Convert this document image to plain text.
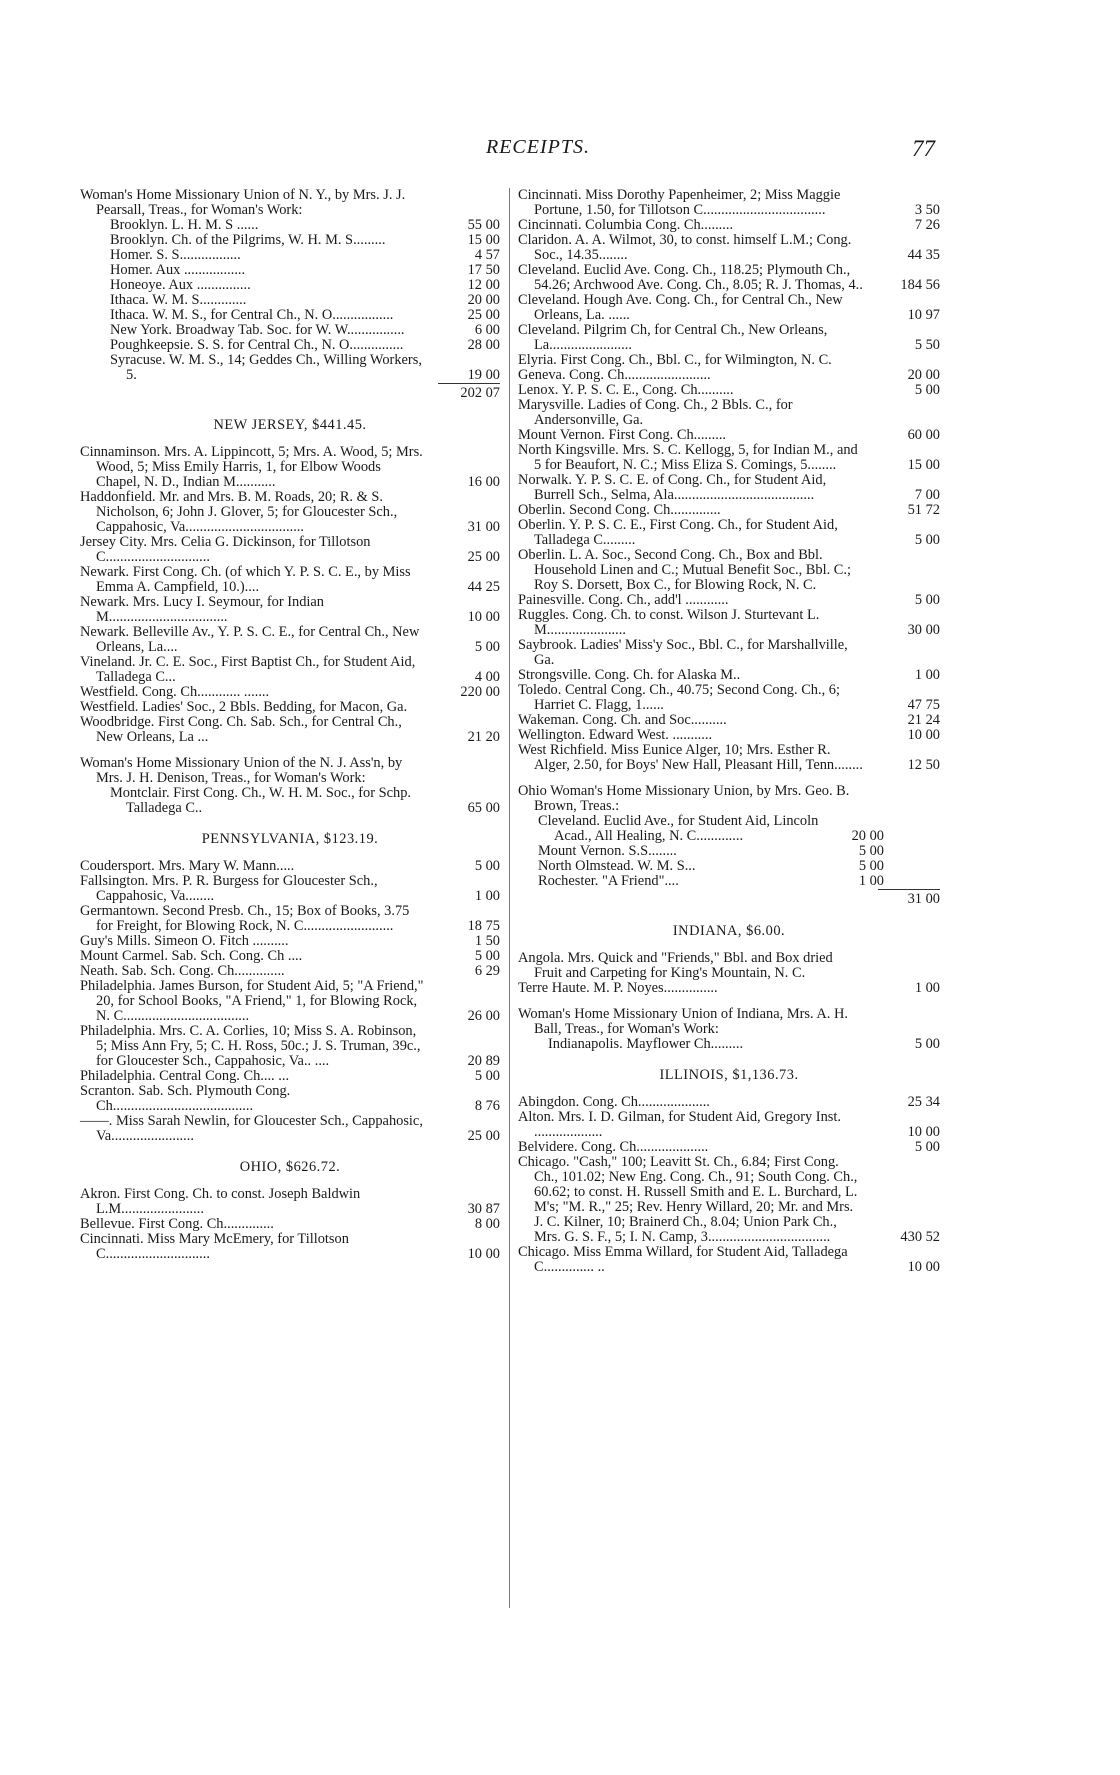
RECEIPTS.	77
Woman's Home Missionary Union of N. Y., by Mrs. J. J. Pearsall, Treas., for Woman's Work:
Brooklyn. L. H. M. S ......	55 00
Brooklyn. Ch. of the Pilgrims, W. H. M. S.........	15 00
Homer. S. S.................	4 57
Homer. Aux .................	17 50
Honeoye. Aux ...............	12 00
Ithaca. W. M. S.............	20 00
Ithaca. W. M. S., for Central Ch., N. O.................	25 00
New York. Broadway Tab. Soc. for W. W................	6 00
Poughkeepsie. S. S. for Central Ch., N. O...............	28 00
Syracuse. W. M. S., 14; Geddes Ch., Willing Workers, 5.	19 00
202 07
NEW JERSEY, $441.45.
Cinnaminson. Mrs. A. Lippincott, 5; Mrs. A. Wood, 5; Mrs. Wood, 5; Miss Emily Harris, 1, for Elbow Woods Chapel, N. D., Indian M...........	16 00
Haddonfield. Mr. and Mrs. B. M. Roads, 20; R. & S. Nicholson, 6; John J. Glover, 5; for Gloucester Sch., Cappahosic, Va.................................	31 00
Jersey City. Mrs. Celia G. Dickinson, for Tillotson C.............................	25 00
Newark. First Cong. Ch. (of which Y. P. S. C. E., by Miss Emma A. Campfield, 10.)....	44 25
Newark. Mrs. Lucy I. Seymour, for Indian M.................................	10 00
Newark. Belleville Av., Y. P. S. C. E., for Central Ch., New Orleans, La....	5 00
Vineland. Jr. C. E. Soc., First Baptist Ch., for Student Aid, Talladega C...	4 00
Westfield. Cong. Ch............ .......	220 00
Westfield. Ladies' Soc., 2 Bbls. Bedding, for Macon, Ga.
Woodbridge. First Cong. Ch. Sab. Sch., for Central Ch., New Orleans, La ...	21 20
Woman's Home Missionary Union of the N. J. Ass'n, by Mrs. J. H. Denison, Treas., for Woman's Work:
Montclair. First Cong. Ch., W. H. M. Soc., for Schp. Talladega C..	65 00
PENNSYLVANIA, $123.19.
Coudersport. Mrs. Mary W. Mann.....	5 00
Fallsington. Mrs. P. R. Burgess for Gloucester Sch., Cappahosic, Va........	1 00
Germantown. Second Presb. Ch., 15; Box of Books, 3.75 for Freight, for Blowing Rock, N. C.........................	18 75
Guy's Mills. Simeon O. Fitch ..........	1 50
Mount Carmel. Sab. Sch. Cong. Ch ....	5 00
Neath. Sab. Sch. Cong. Ch..............	6 29
Philadelphia. James Burson, for Student Aid, 5; "A Friend," 20, for School Books, "A Friend," 1, for Blowing Rock, N. C...................................	26 00
Philadelphia. Mrs. C. A. Corlies, 10; Miss S. A. Robinson, 5; Miss Ann Fry, 5; C. H. Ross, 50c.; J. S. Truman, 39c., for Gloucester Sch., Cappahosic, Va.. ....	20 89
Philadelphia. Central Cong. Ch.... ...	5 00
Scranton. Sab. Sch. Plymouth Cong. Ch.......................................	8 76
——. Miss Sarah Newlin, for Gloucester Sch., Cappahosic, Va.......................	25 00
OHIO, $626.72.
Akron. First Cong. Ch. to const. Joseph Baldwin L.M.......................	30 87
Bellevue. First Cong. Ch..............	8 00
Cincinnati. Miss Mary McEmery, for Tillotson C.............................	10 00
Cincinnati. Miss Dorothy Papenheimer, 2; Miss Maggie Portune, 1.50, for Tillotson C..................................	3 50
Cincinnati. Columbia Cong. Ch.........	7 26
Claridon. A. A. Wilmot, 30, to const. himself L.M.; Cong. Soc., 14.35........	44 35
Cleveland. Euclid Ave. Cong. Ch., 118.25; Plymouth Ch., 54.26; Archwood Ave. Cong. Ch., 8.05; R. J. Thomas, 4..	184 56
Cleveland. Hough Ave. Cong. Ch., for Central Ch., New Orleans, La. ......	10 97
Cleveland. Pilgrim Ch, for Central Ch., New Orleans, La.......................	5 50
Elyria. First Cong. Ch., Bbl. C., for Wilmington, N. C.
Geneva. Cong. Ch........................	20 00
Lenox. Y. P. S. C. E., Cong. Ch..........	5 00
Marysville. Ladies of Cong. Ch., 2 Bbls. C., for Andersonville, Ga.
Mount Vernon. First Cong. Ch.........	60 00
North Kingsville. Mrs. S. C. Kellogg, 5, for Indian M., and 5 for Beaufort, N. C.; Miss Eliza S. Comings, 5........	15 00
Norwalk. Y. P. S. C. E. of Cong. Ch., for Student Aid, Burrell Sch., Selma, Ala.......................................	7 00
Oberlin. Second Cong. Ch..............	51 72
Oberlin. Y. P. S. C. E., First Cong. Ch., for Student Aid, Talladega C.........	5 00
Oberlin. L. A. Soc., Second Cong. Ch., Box and Bbl. Household Linen and C.; Mutual Benefit Soc., Bbl. C.; Roy S. Dorsett, Box C., for Blowing Rock, N. C.
Painesville. Cong. Ch., add'l ............	5 00
Ruggles. Cong. Ch. to const. Wilson J. Sturtevant L. M......................	30 00
Saybrook. Ladies' Miss'y Soc., Bbl. C., for Marshallville, Ga.
Strongsville. Cong. Ch. for Alaska M..	1 00
Toledo. Central Cong. Ch., 40.75; Second Cong. Ch., 6; Harriet C. Flagg, 1......	47 75
Wakeman. Cong. Ch. and Soc..........	21 24
Wellington. Edward West. ...........	10 00
West Richfield. Miss Eunice Alger, 10; Mrs. Esther R. Alger, 2.50, for Boys' New Hall, Pleasant Hill, Tenn........	12 50
Ohio Woman's Home Missionary Union, by Mrs. Geo. B. Brown, Treas.:
Cleveland. Euclid Ave., for Student Aid, Lincoln Acad., All Healing, N. C.............	20 00
Mount Vernon. S.S........	5 00
North Olmstead. W. M. S...	5 00
Rochester. "A Friend"....	1 00
31 00
INDIANA, $6.00.
Angola. Mrs. Quick and "Friends," Bbl. and Box dried Fruit and Carpeting for King's Mountain, N. C.
Terre Haute. M. P. Noyes...............	1 00
Woman's Home Missionary Union of Indiana, Mrs. A. H. Ball, Treas., for Woman's Work:
Indianapolis. Mayflower Ch.........	5 00
ILLINOIS, $1,136.73.
Abingdon. Cong. Ch....................	25 34
Alton. Mrs. I. D. Gilman, for Student Aid, Gregory Inst. ...................	10 00
Belvidere. Cong. Ch....................	5 00
Chicago. "Cash," 100; Leavitt St. Ch., 6.84; First Cong. Ch., 101.02; New Eng. Cong. Ch., 91; South Cong. Ch., 60.62; to const. H. Russell Smith and E. L. Burchard, L. M's; "M. R.," 25; Rev. Henry Willard, 20; Mr. and Mrs. J. C. Kilner, 10; Brainerd Ch., 8.04; Union Park Ch., Mrs. G. S. F., 5; I. N. Camp, 3..................................	430 52
Chicago. Miss Emma Willard, for Student Aid, Talladega C.............. ..	10 00
